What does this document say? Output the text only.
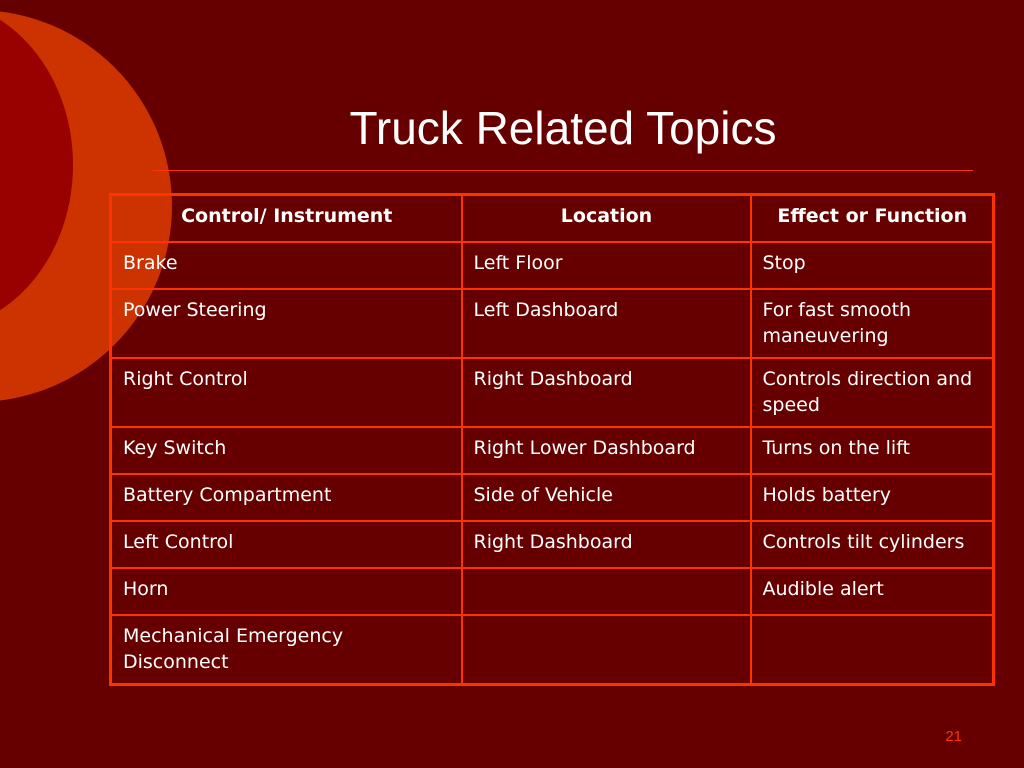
Truck Related Topics
Control/ Instrument	Location	Effect or Function
Brake	Left Floor	Stop
Power Steering	Left Dashboard	For fast smooth maneuvering
Right Control	Right Dashboard	Controls direction and speed
Key Switch	Right Lower Dashboard	Turns on the lift
Battery Compartment	Side of Vehicle	Holds battery
Left Control	Right Dashboard	Controls tilt cylinders
Horn		Audible alert
Mechanical Emergency Disconnect		
21
